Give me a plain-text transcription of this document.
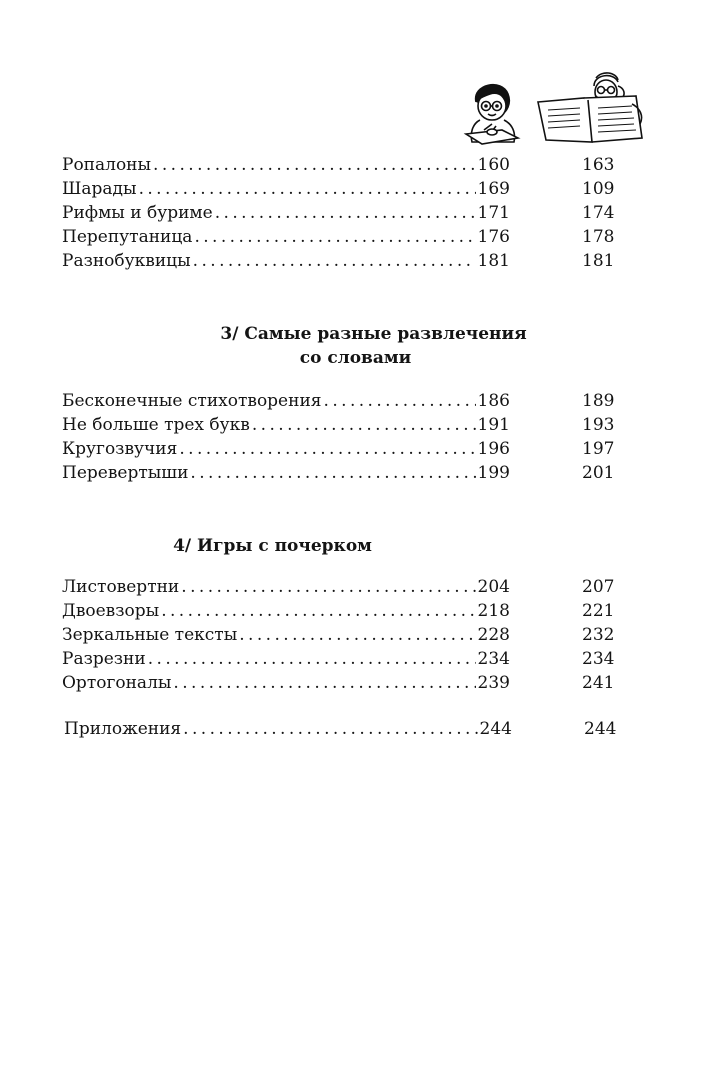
Ропалоны . . .	160	163
Шарады . . .	169	109
Рифмы и буриме . . .	171	174
Перепутаница . . .	176	178
Разнобуквицы . . .	181	181
3/ Самые разные развлечения
со словами
Бесконечные стихотворения . . .	186	189
Не больше трех букв . . .	191	193
Кругозвучия . . .	196	197
Перевертыши . . .	199	201
4/ Игры с почерком
Листовертни . . .	204	207
Двоевзоры . . .	218	221
Зеркальные тексты . . .	228	232
Разрезни . . .	234	234
Ортогоналы . . .	239	241
Приложения . . .	244	244
